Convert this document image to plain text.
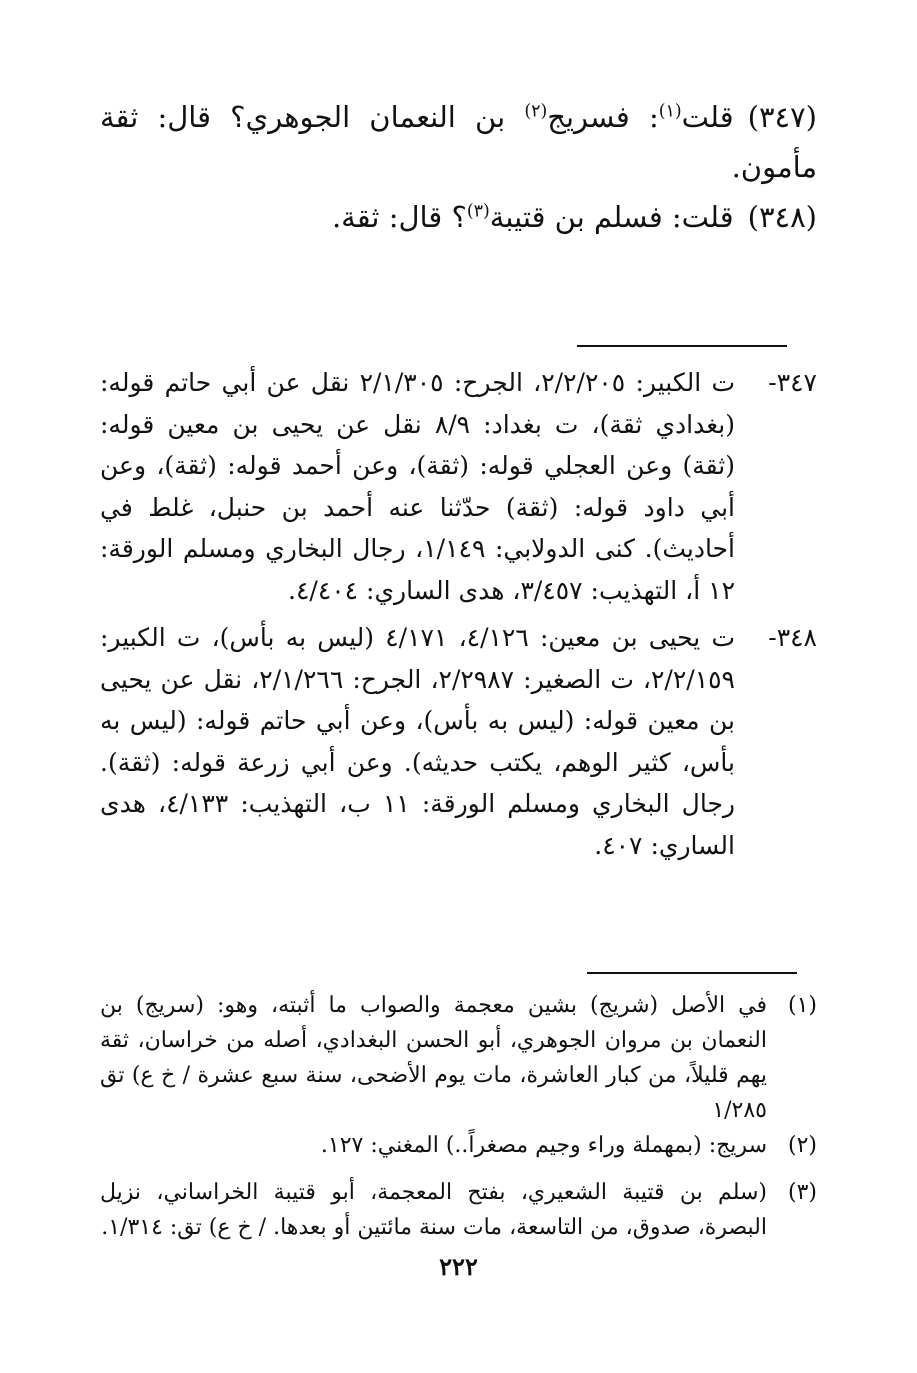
(٣٤٧)قلت$^{(١)}$: فسريج$^{(٢)}$ بن النعمان الجوهري؟ قال: ثقة مأمون.

(٣٤٨)قلت: فسلم بن قتيبة$^{(٣)}$؟ قال: ثقة.

٣٤٧-
ت الكبير: ٢/٢/٢٠٥، الجرح: ٢/١/٣٠٥ نقل عن أبي حاتم قوله: (بغدادي ثقة)، ت بغداد: ٨/٩ نقل عن يحيى بن معين قوله: (ثقة) وعن العجلي قوله: (ثقة)، وعن أحمد قوله: (ثقة)، وعن أبي داود قوله: (ثقة) حدّثنا عنه أحمد بن حنبل، غلط في أحاديث). كنى الدولابي: ١/١٤٩، رجال البخاري ومسلم الورقة: ١٢ أ، التهذيب: ٣/٤٥٧، هدى الساري: ٤/٤٠٤.
٣٤٨-
ت يحيى بن معين: ٤/١٢٦، ٤/١٧١ (ليس به بأس)، ت الكبير: ٢/٢/١٥٩، ت الصغير: ٢/٢٩٨٧، الجرح: ٢/١/٢٦٦، نقل عن يحيى بن معين قوله: (ليس به بأس)، وعن أبي حاتم قوله: (ليس به بأس، كثير الوهم، يكتب حديثه). وعن أبي زرعة قوله: (ثقة). رجال البخاري ومسلم الورقة: ١١ ب، التهذيب: ٤/١٣٣، هدى الساري: ٤٠٧.
(١)
في الأصل (شريج) بشين معجمة والصواب ما أثبته، وهو: (سريج) بن النعمان بن مروان الجوهري، أبو الحسن البغدادي، أصله من خراسان، ثقة يهم قليلاً، من كبار العاشرة، مات يوم الأضحى، سنة سبع عشرة / خ ع) تق ١/٢٨٥
(٢)
سريج: (بمهملة وراء وجيم مصغراً..) المغني: ١٢٧.
(٣)
(سلم بن قتيبة الشعيري، بفتح المعجمة، أبو قتيبة الخراساني، نزيل البصرة، صدوق، من التاسعة، مات سنة مائتين أو بعدها. / خ ع) تق: ١/٣١٤.
٢٢٢
